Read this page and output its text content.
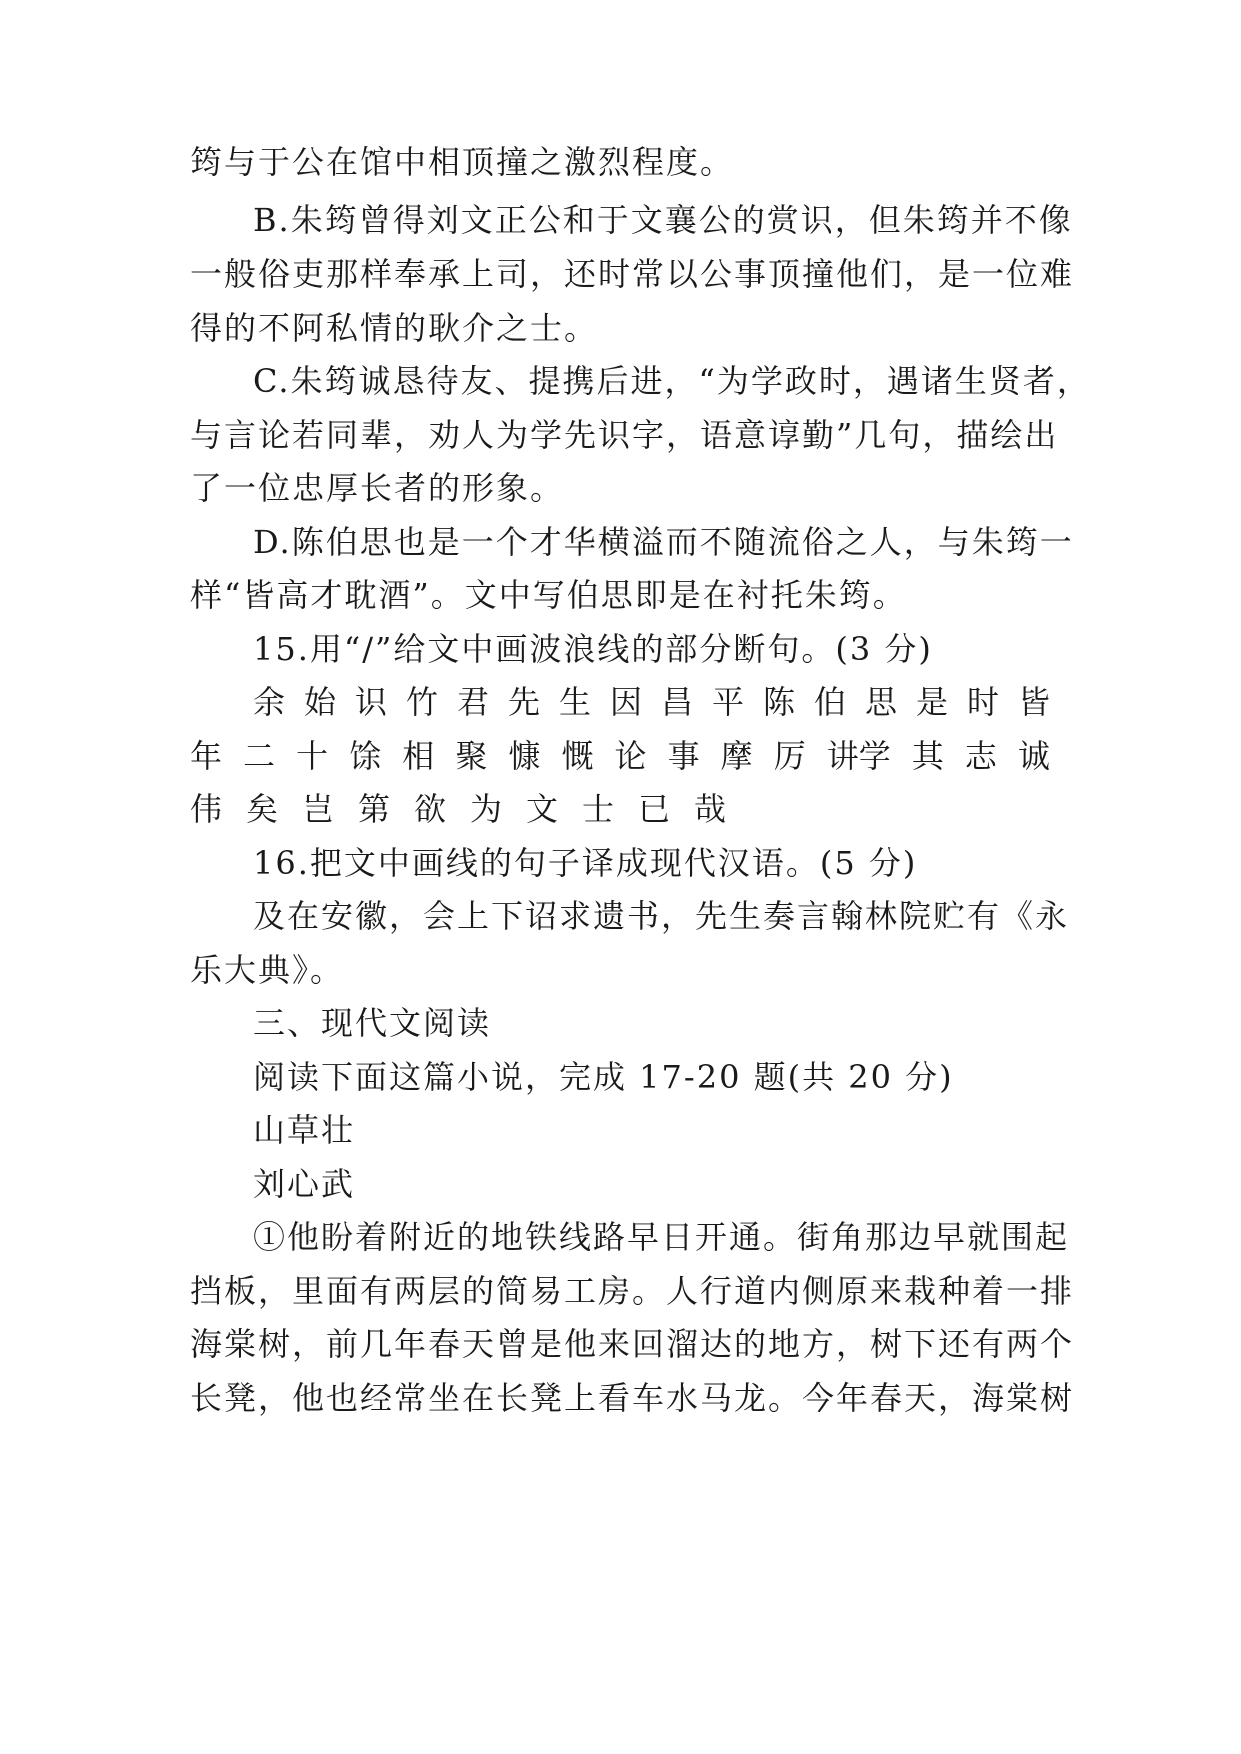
筠与于公在馆中相顶撞之激烈程度。
B.朱筠曾得刘文正公和于文襄公的赏识，但朱筠并不像
一般俗吏那样奉承上司，还时常以公事顶撞他们，是一位难
得的不阿私情的耿介之士。
C.朱筠诚恳待友、提携后进，“为学政时，遇诸生贤者，
与言论若同辈，劝人为学先识字，语意谆勤”几句，描绘出
了一位忠厚长者的形象。
D.陈伯思也是一个才华横溢而不随流俗之人，与朱筠一
样“皆高才耽酒”。文中写伯思即是在衬托朱筠。
15.用“/”给文中画波浪线的部分断句。(3 分)
余 始 识 竹 君 先 生 因 昌 平 陈 伯 思 是 时 皆
年 二 十 馀 相 聚 慷 慨 论 事 摩 厉 讲学 其 志 诚
伟 矣 岂 第 欲 为 文 士 已 哉
16.把文中画线的句子译成现代汉语。(5 分)
及在安徽，会上下诏求遗书，先生奏言翰林院贮有《永
乐大典》。
三、现代文阅读
阅读下面这篇小说，完成 17-20 题(共 20 分)
山草壮
刘心武
①他盼着附近的地铁线路早日开通。街角那边早就围起
挡板，里面有两层的简易工房。人行道内侧原来栽种着一排
海棠树，前几年春天曾是他来回溜达的地方，树下还有两个
长凳，他也经常坐在长凳上看车水马龙。今年春天，海棠树
